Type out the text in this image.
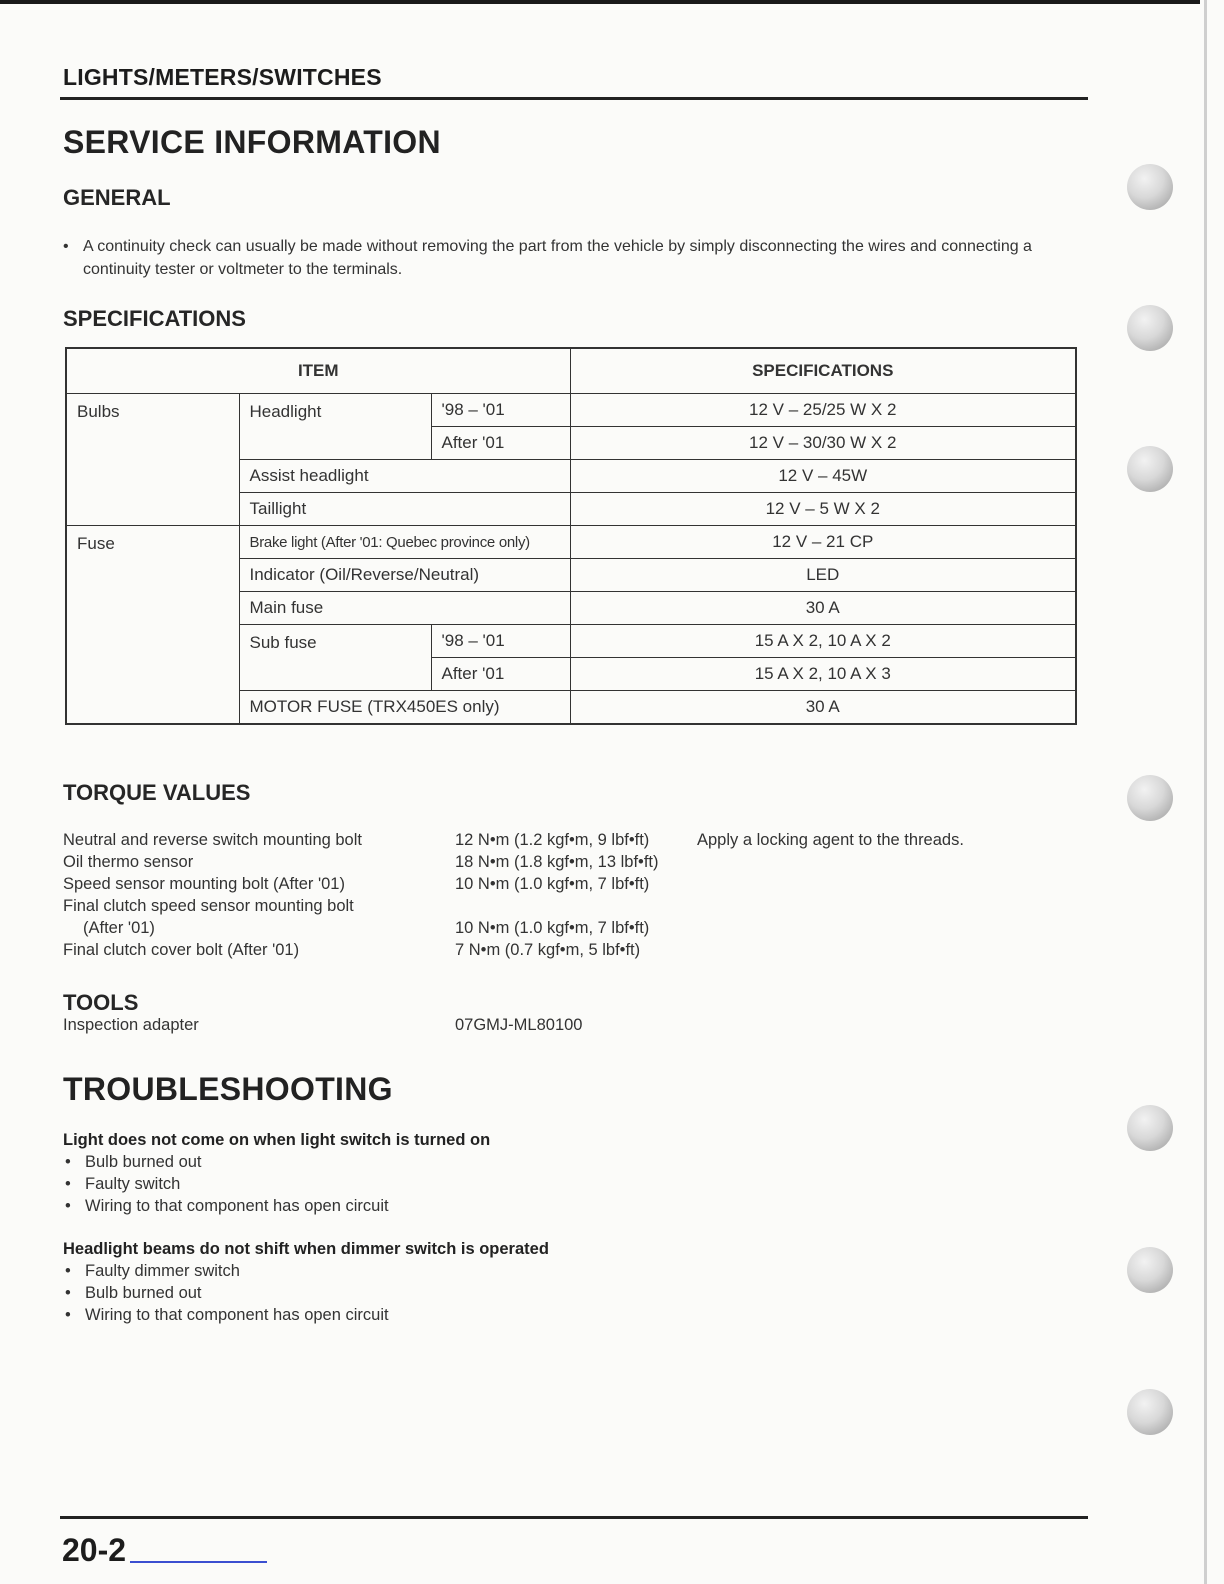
LIGHTS/METERS/SWITCHES
SERVICE INFORMATION
GENERAL
• A continuity check can usually be made without removing the part from the vehicle by simply disconnecting the wires and connecting a continuity tester or voltmeter to the terminals.
SPECIFICATIONS
ITEM			SPECIFICATIONS
Bulbs	Headlight	'98 – '01	12 V – 25/25 W X 2
		After '01	12 V – 30/30 W X 2
	Assist headlight		12 V – 45W
	Taillight		12 V – 5 W X 2
Fuse	Brake light (After '01: Quebec province only)		12 V – 21 CP
	Indicator (Oil/Reverse/Neutral)		LED
	Main fuse		30 A
	Sub fuse	'98 – '01	15 A X 2, 10 A X 2
		After '01	15 A X 2, 10 A X 3
	MOTOR FUSE (TRX450ES only)		30 A
TORQUE VALUES
Neutral and reverse switch mounting bolt	12 N•m (1.2 kgf•m, 9 lbf•ft)	Apply a locking agent to the threads.
Oil thermo sensor	18 N•m (1.8 kgf•m, 13 lbf•ft)
Speed sensor mounting bolt (After '01)	10 N•m (1.0 kgf•m, 7 lbf•ft)
Final clutch speed sensor mounting bolt
(After '01)	10 N•m (1.0 kgf•m, 7 lbf•ft)
Final clutch cover bolt (After '01)	7 N•m (0.7 kgf•m, 5 lbf•ft)
TOOLS
Inspection adapter	07GMJ-ML80100
TROUBLESHOOTING
Light does not come on when light switch is turned on
• Bulb burned out
• Faulty switch
• Wiring to that component has open circuit
Headlight beams do not shift when dimmer switch is operated
• Faulty dimmer switch
• Bulb burned out
• Wiring to that component has open circuit
20-2
